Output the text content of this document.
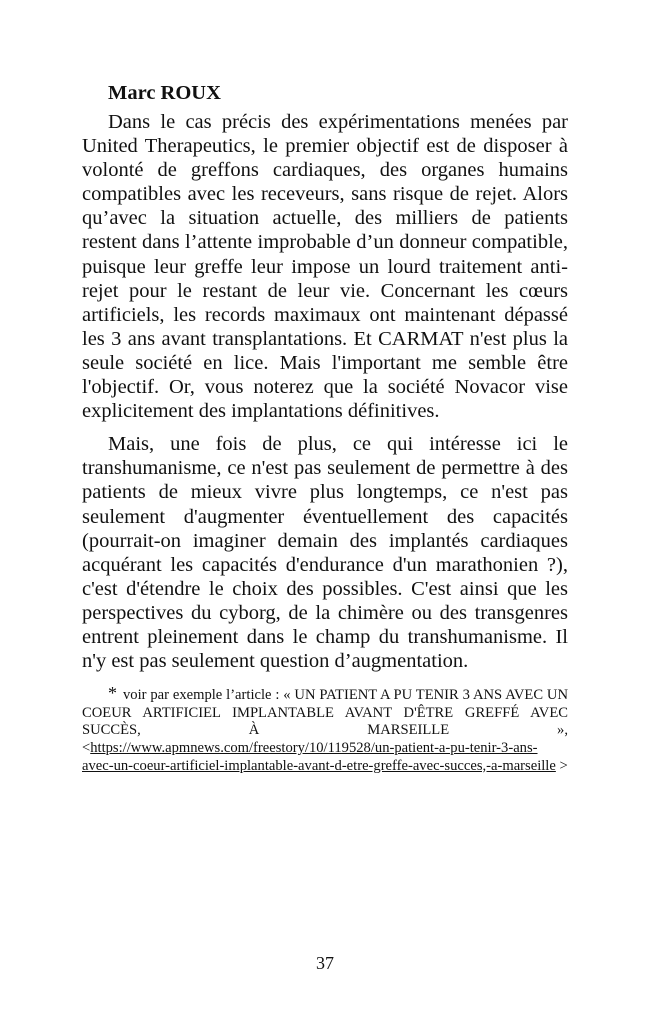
Marc ROUX

Dans le cas précis des expérimentations menées par United Therapeutics, le premier objectif est de disposer à volonté de greffons cardiaques, des organes humains compatibles avec les receveurs, sans risque de rejet. Alors qu’avec la situation actuelle, des milliers de patients restent dans l’attente improbable d’un donneur compatible, puisque leur greffe leur impose un lourd traitement anti-rejet pour le restant de leur vie. Concernant les cœurs artificiels, les records maximaux ont maintenant dépassé les 3 ans avant transplantations. Et CARMAT n'est plus la seule société en lice. Mais l'important me semble être l'objectif. Or, vous noterez que la société Novacor vise explicitement des implantations définitives.

Mais, une fois de plus, ce qui intéresse ici le transhumanisme, ce n'est pas seulement de permettre à des patients de mieux vivre plus longtemps, ce n'est pas seulement d'augmenter éventuellement des capacités (pourrait-on imaginer demain des implantés cardiaques acquérant les capacités d'endurance d'un marathonien ?), c'est d'étendre le choix des possibles. C'est ainsi que les perspectives du cyborg, de la chimère ou des transgenres entrent pleinement dans le champ du transhumanisme. Il n'y est pas seulement question d’augmentation.

* voir par exemple l’article : « UN PATIENT A PU TENIR 3 ANS AVEC UN COEUR ARTIFICIEL IMPLANTABLE AVANT D'ÊTRE GREFFÉ AVEC SUCCÈS, À MARSEILLE », <https://www.apmnews.com/freestory/10/119528/un-patient-a-pu-tenir-3-ans-avec-un-coeur-artificiel-implantable-avant-d-etre-greffe-avec-succes,-a-marseille >

37
